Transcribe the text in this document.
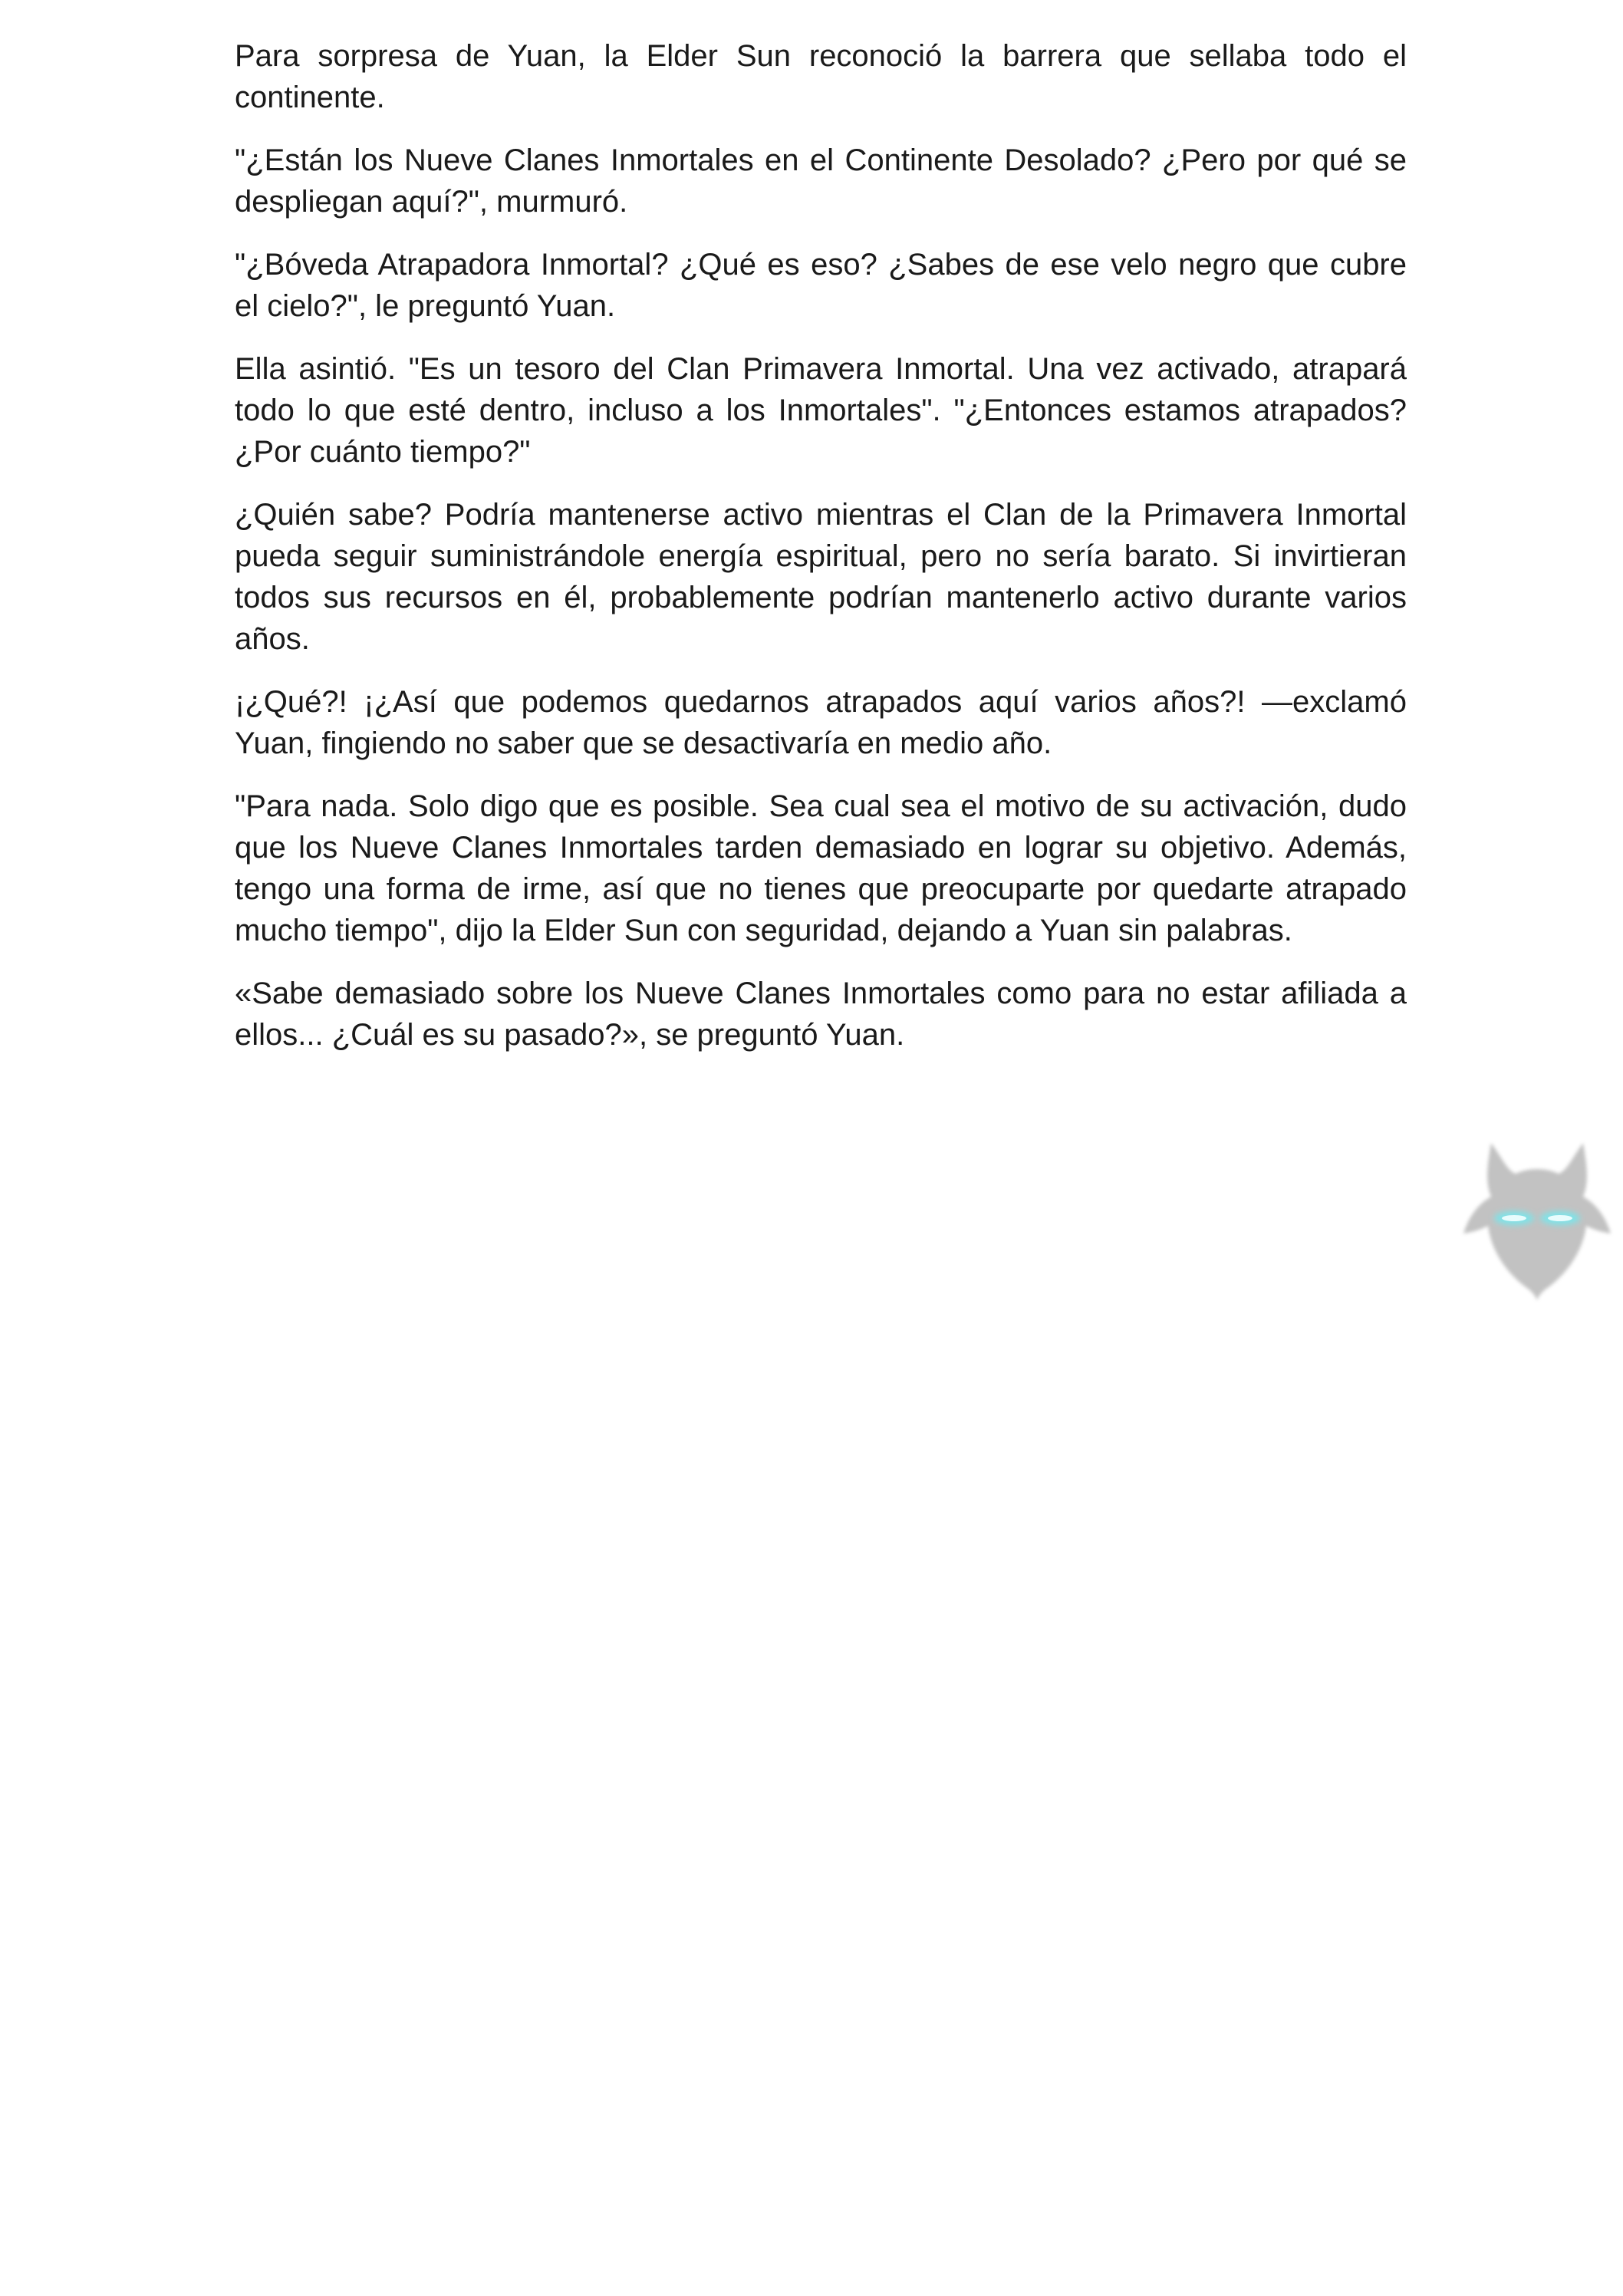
Para sorpresa de Yuan, la Elder Sun reconoció la barrera que sellaba todo el continente.

"¿Están los Nueve Clanes Inmortales en el Continente Desolado? ¿Pero por qué se despliegan aquí?", murmuró.

"¿Bóveda Atrapadora Inmortal? ¿Qué es eso? ¿Sabes de ese velo negro que cubre el cielo?", le preguntó Yuan.

Ella asintió. "Es un tesoro del Clan Primavera Inmortal. Una vez activado, atrapará todo lo que esté dentro, incluso a los Inmortales". "¿Entonces estamos atrapados? ¿Por cuánto tiempo?"

¿Quién sabe? Podría mantenerse activo mientras el Clan de la Primavera Inmortal pueda seguir suministrándole energía espiritual, pero no sería barato. Si invirtieran todos sus recursos en él, probablemente podrían mantenerlo activo durante varios años.

¡¿Qué?! ¡¿Así que podemos quedarnos atrapados aquí varios años?! —exclamó Yuan, fingiendo no saber que se desactivaría en medio año.

"Para nada. Solo digo que es posible. Sea cual sea el motivo de su activación, dudo que los Nueve Clanes Inmortales tarden demasiado en lograr su objetivo. Además, tengo una forma de irme, así que no tienes que preocuparte por quedarte atrapado mucho tiempo", dijo la Elder Sun con seguridad, dejando a Yuan sin palabras.

«Sabe demasiado sobre los Nueve Clanes Inmortales como para no estar afiliada a ellos... ¿Cuál es su pasado?», se preguntó Yuan.
